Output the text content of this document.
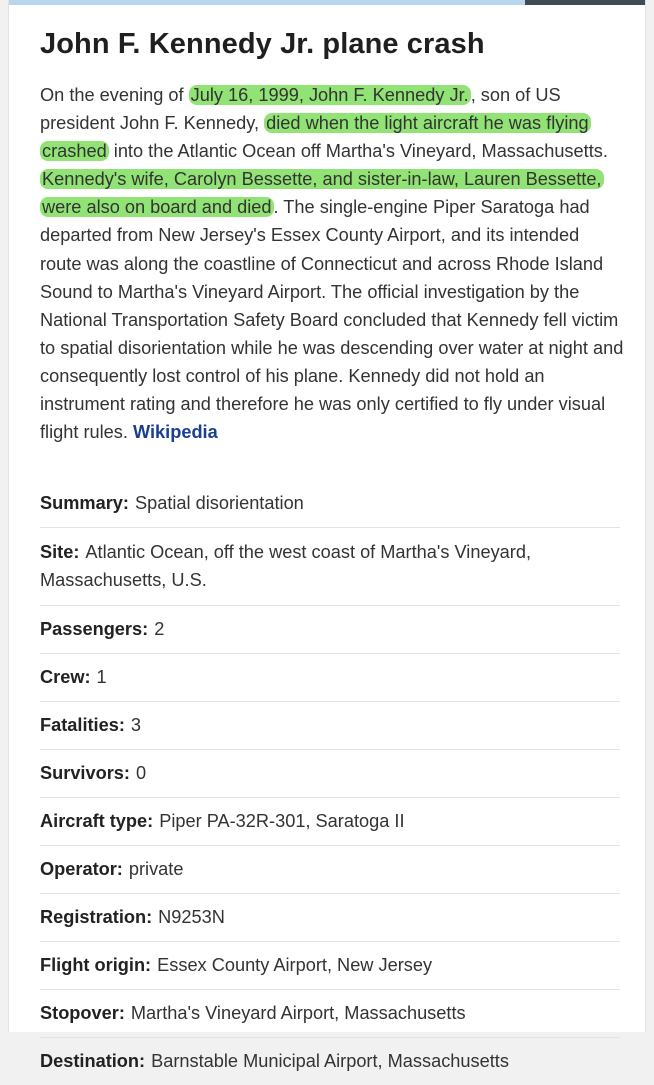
John F. Kennedy Jr. plane crash

On the evening of July 16, 1999, John F. Kennedy Jr. , son of US president John F. Kennedy, died when the light aircraft he was flying crashed into the Atlantic Ocean off Martha's Vineyard, Massachusetts. Kennedy's wife, Carolyn Bessette, and sister-in-law, Lauren Bessette, were also on board and died . The single-engine Piper Saratoga had departed from New Jersey's Essex County Airport, and its intended route was along the coastline of Connecticut and across Rhode Island Sound to Martha's Vineyard Airport. The official investigation by the National Transportation Safety Board concluded that Kennedy fell victim to spatial disorientation while he was descending over water at night and consequently lost control of his plane. Kennedy did not hold an instrument rating and therefore he was only certified to fly under visual flight rules. Wikipedia

Summary: Spatial disorientation
Site: Atlantic Ocean, off the west coast of Martha's Vineyard, Massachusetts, U.S.
Passengers: 2
Crew: 1
Fatalities: 3
Survivors: 0
Aircraft type: Piper PA-32R-301, Saratoga II
Operator: private
Registration: N9253N
Flight origin: Essex County Airport, New Jersey
Stopover: Martha's Vineyard Airport, Massachusetts
Destination: Barnstable Municipal Airport, Massachusetts
